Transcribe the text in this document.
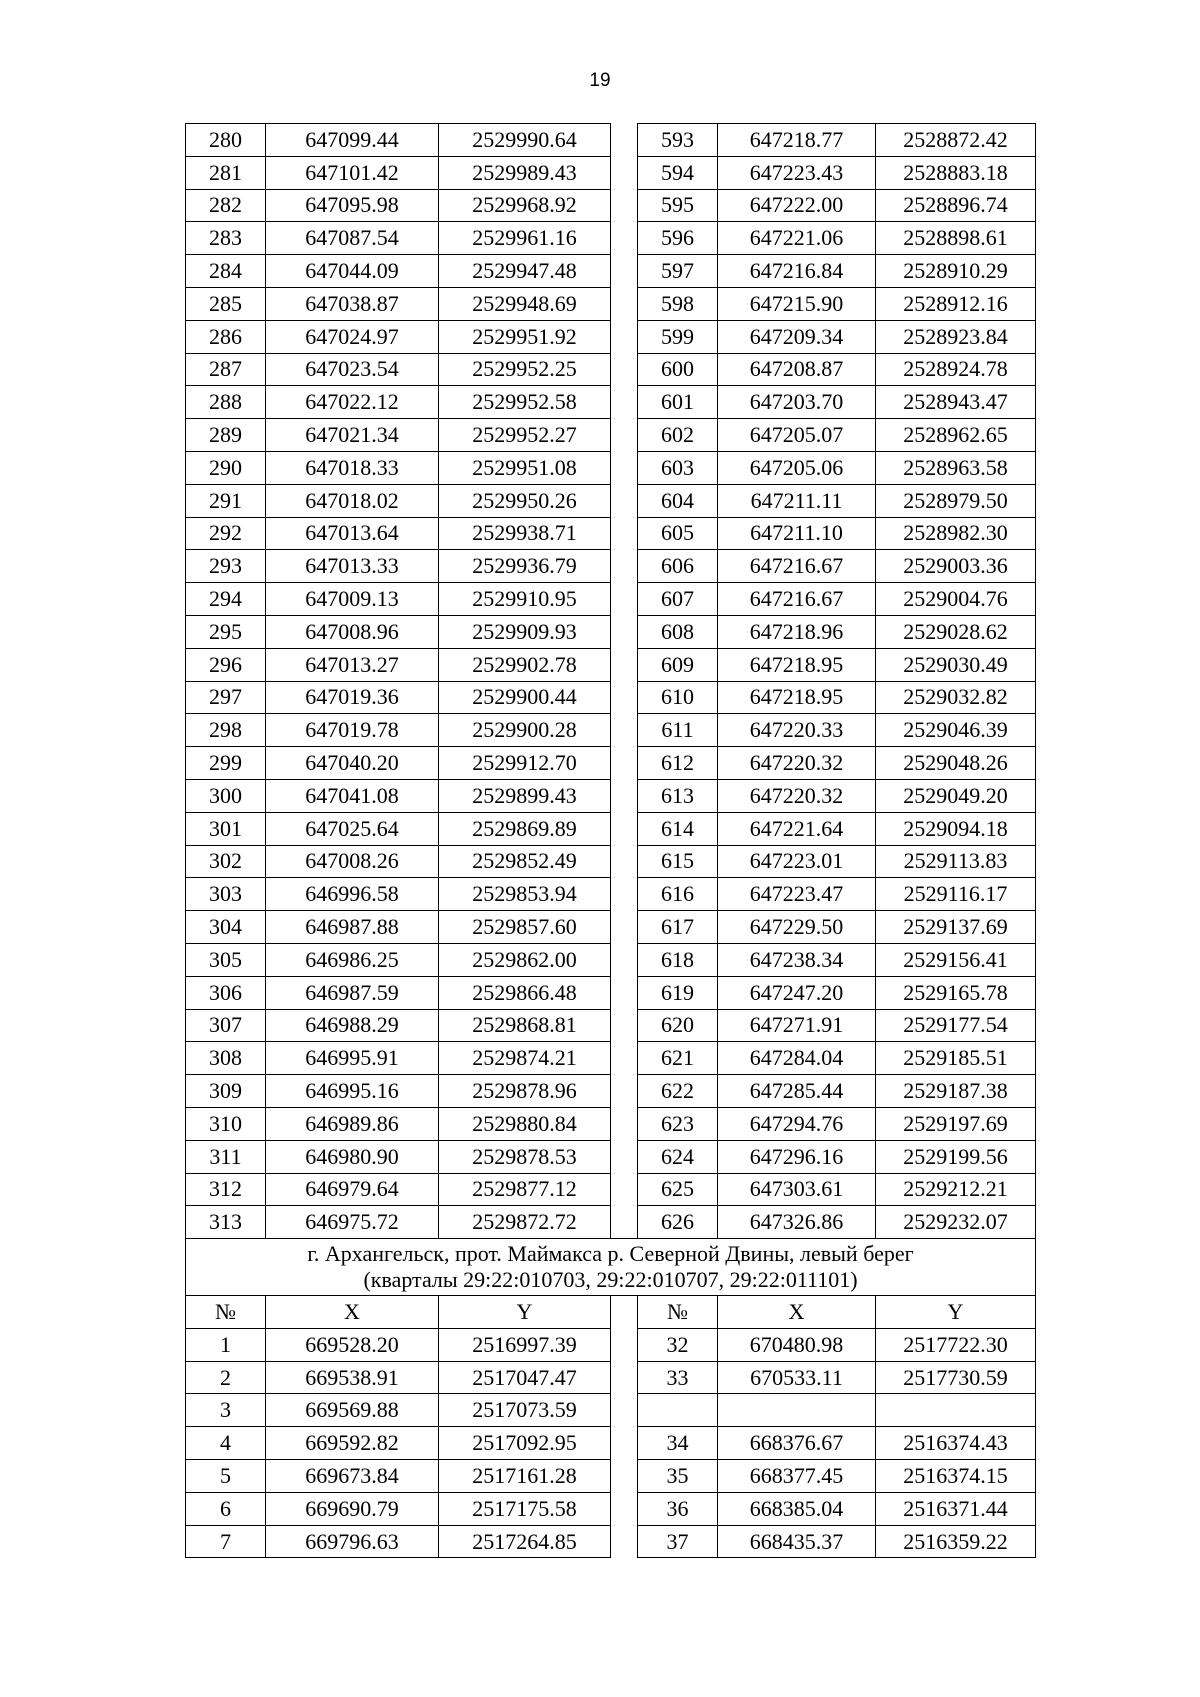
19
280	647099.44	2529990.64		593	647218.77	2528872.42
281	647101.42	2529989.43		594	647223.43	2528883.18
282	647095.98	2529968.92		595	647222.00	2528896.74
283	647087.54	2529961.16		596	647221.06	2528898.61
284	647044.09	2529947.48		597	647216.84	2528910.29
285	647038.87	2529948.69		598	647215.90	2528912.16
286	647024.97	2529951.92		599	647209.34	2528923.84
287	647023.54	2529952.25		600	647208.87	2528924.78
288	647022.12	2529952.58		601	647203.70	2528943.47
289	647021.34	2529952.27		602	647205.07	2528962.65
290	647018.33	2529951.08		603	647205.06	2528963.58
291	647018.02	2529950.26		604	647211.11	2528979.50
292	647013.64	2529938.71		605	647211.10	2528982.30
293	647013.33	2529936.79		606	647216.67	2529003.36
294	647009.13	2529910.95		607	647216.67	2529004.76
295	647008.96	2529909.93		608	647218.96	2529028.62
296	647013.27	2529902.78		609	647218.95	2529030.49
297	647019.36	2529900.44		610	647218.95	2529032.82
298	647019.78	2529900.28		611	647220.33	2529046.39
299	647040.20	2529912.70		612	647220.32	2529048.26
300	647041.08	2529899.43		613	647220.32	2529049.20
301	647025.64	2529869.89		614	647221.64	2529094.18
302	647008.26	2529852.49		615	647223.01	2529113.83
303	646996.58	2529853.94		616	647223.47	2529116.17
304	646987.88	2529857.60		617	647229.50	2529137.69
305	646986.25	2529862.00		618	647238.34	2529156.41
306	646987.59	2529866.48		619	647247.20	2529165.78
307	646988.29	2529868.81		620	647271.91	2529177.54
308	646995.91	2529874.21		621	647284.04	2529185.51
309	646995.16	2529878.96		622	647285.44	2529187.38
310	646989.86	2529880.84		623	647294.76	2529197.69
311	646980.90	2529878.53		624	647296.16	2529199.56
312	646979.64	2529877.12		625	647303.61	2529212.21
313	646975.72	2529872.72		626	647326.86	2529232.07
г. Архангельск, прот. Маймакса р. Северной Двины, левый берег
(кварталы 29:22:010703, 29:22:010707, 29:22:011101)						
№	X	Y		№	X	Y
1	669528.20	2516997.39		32	670480.98	2517722.30
2	669538.91	2517047.47		33	670533.11	2517730.59
3	669569.88	2517073.59				
4	669592.82	2517092.95		34	668376.67	2516374.43
5	669673.84	2517161.28		35	668377.45	2516374.15
6	669690.79	2517175.58		36	668385.04	2516371.44
7	669796.63	2517264.85		37	668435.37	2516359.22
